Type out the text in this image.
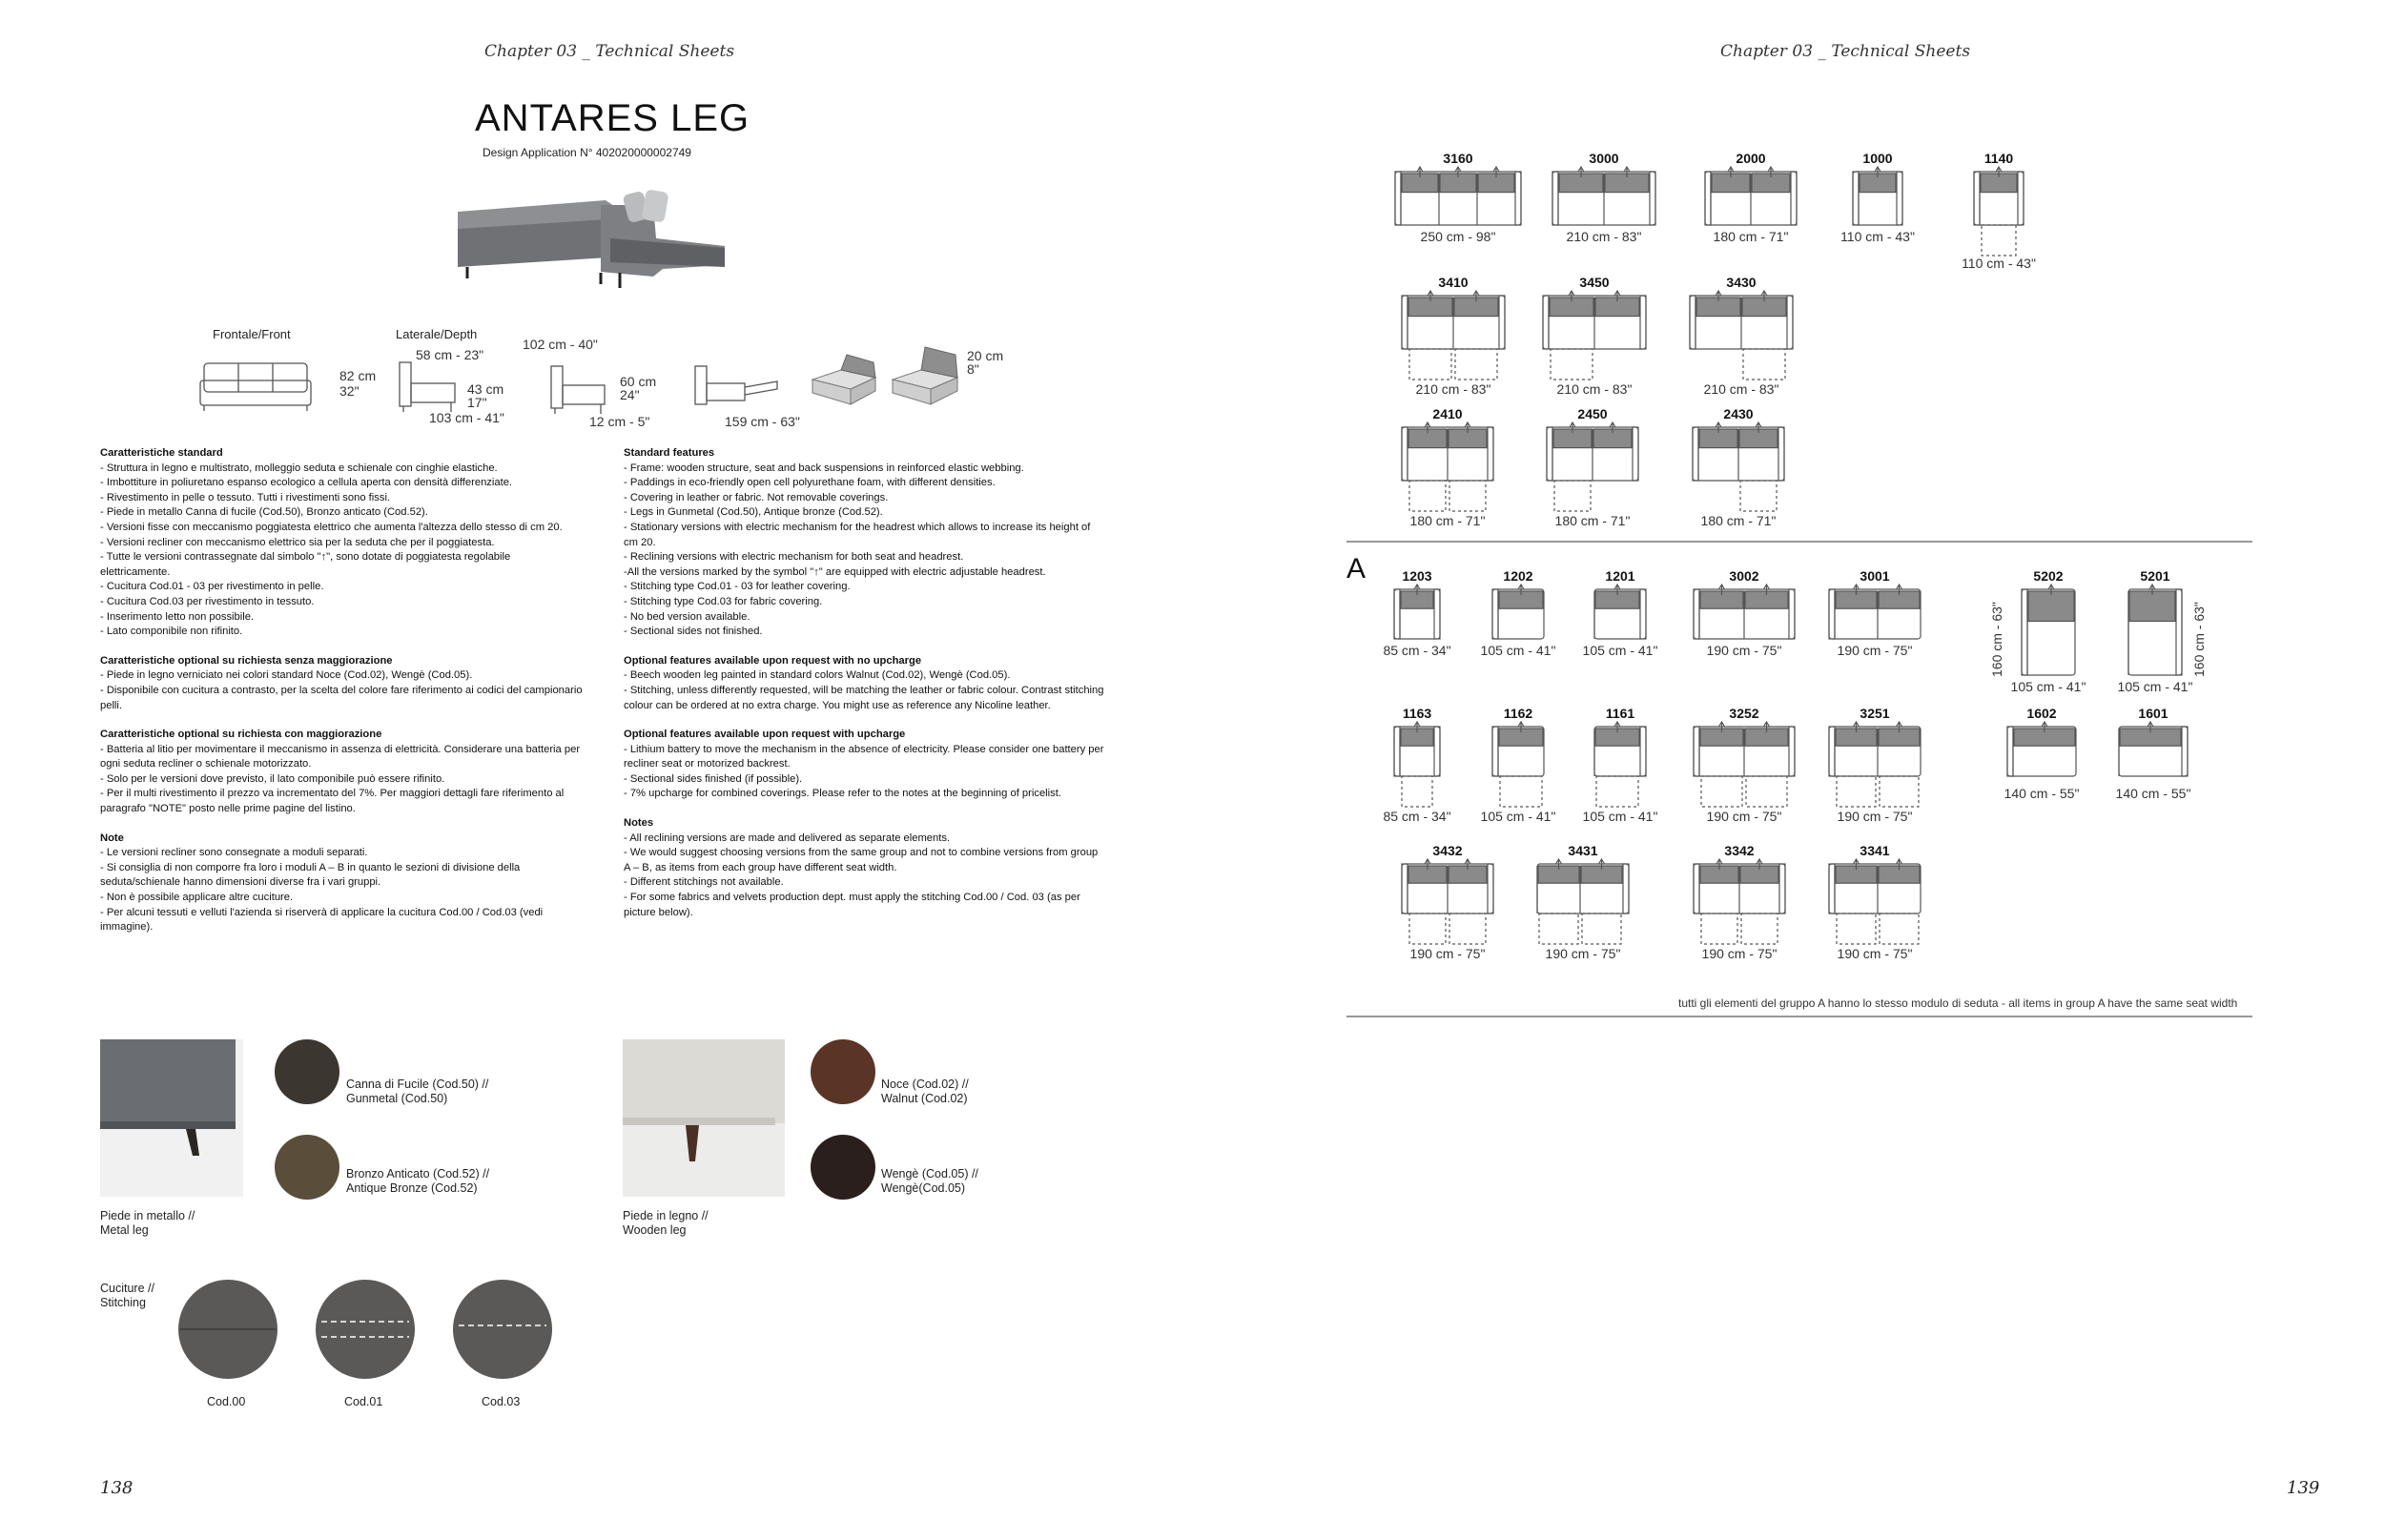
Chapter 03 _ Technical Sheets
ANTARES LEG
Design Application N° 402020000002749
Frontale/Front	Laterale/Depth
82 cm
32"
58 cm - 23"
43 cm
17"
103 cm - 41"
102 cm - 40"
60 cm
24"
12 cm - 5"	159 cm - 63"
20 cm
8"
Caratteristiche standard
- Struttura in legno e multistrato, molleggio seduta e schienale con cinghie elastiche.
- Imbottiture in poliuretano espanso ecologico a cellula aperta con densità differenziate.
- Rivestimento in pelle o tessuto. Tutti i rivestimenti sono fissi.
- Piede in metallo Canna di fucile (Cod.50), Bronzo anticato (Cod.52).
- Versioni fisse con meccanismo poggiatesta elettrico che aumenta l'altezza dello stesso di cm 20.
- Versioni recliner con meccanismo elettrico sia per la seduta che per il poggiatesta.
- Tutte le versioni contrassegnate dal simbolo "↑", sono dotate di poggiatesta regolabile elettricamente.
- Cucitura Cod.01 - 03 per rivestimento in pelle.
- Cucitura Cod.03 per rivestimento in tessuto.
- Inserimento letto non possibile.
- Lato componibile non rifinito.
Caratteristiche optional su richiesta senza maggiorazione
- Piede in legno verniciato nei colori standard Noce (Cod.02), Wengè (Cod.05).
- Disponibile con cucitura a contrasto, per la scelta del colore fare riferimento ai codici del campionario pelli.
Caratteristiche optional su richiesta con maggiorazione
- Batteria al litio per movimentare il meccanismo in assenza di elettricità. Considerare una batteria per ogni seduta recliner o schienale motorizzato.
- Solo per le versioni dove previsto, il lato componibile può essere rifinito.
- Per il multi rivestimento il prezzo va incrementato del 7%. Per maggiori dettagli fare riferimento al paragrafo "NOTE" posto nelle prime pagine del listino.
Note
- Le versioni recliner sono consegnate a moduli separati.
- Si consiglia di non comporre fra loro i moduli A – B in quanto le sezioni di divisione della seduta/schienale hanno dimensioni diverse fra i vari gruppi.
- Non è possibile applicare altre cuciture.
- Per alcuni tessuti e velluti l'azienda si riserverà di applicare la cucitura Cod.00 / Cod.03 (vedi immagine).
Standard features
- Frame: wooden structure, seat and back suspensions in reinforced elastic webbing.
- Paddings in eco-friendly open cell polyurethane foam, with different densities.
- Covering in leather or fabric. Not removable coverings.
- Legs in Gunmetal (Cod.50), Antique bronze (Cod.52).
- Stationary versions with electric mechanism for the headrest which allows to increase its height of cm 20.
- Reclining versions with electric mechanism for both seat and headrest.
-All the versions marked by the symbol "↑" are equipped with electric adjustable headrest.
- Stitching type Cod.01 - 03 for leather covering.
- Stitching type Cod.03 for fabric covering.
- No bed version available.
- Sectional sides not finished.
Optional features available upon request with no upcharge
- Beech wooden leg painted in standard colors Walnut (Cod.02), Wengè (Cod.05).
- Stitching, unless differently requested, will be matching the leather or fabric colour. Contrast stitching colour can be ordered at no extra charge. You might use as reference any Nicoline leather.
Optional features available upon request with upcharge
- Lithium battery to move the mechanism in the absence of electricity. Please consider one battery per recliner seat or motorized backrest.
- Sectional sides finished (if possible).
- 7% upcharge for combined coverings. Please refer to the notes at the beginning of pricelist.
Notes
- All reclining versions are made and delivered as separate elements.
- We would suggest choosing versions from the same group and not to combine versions from group A – B, as items from each group have different seat width.
- Different stitchings not available.
- For some fabrics and velvets production dept. must apply the stitching Cod.00 / Cod. 03 (as per picture below).
Piede in metallo //
Metal leg
Canna di Fucile (Cod.50) //
Gunmetal (Cod.50)
Bronzo Anticato (Cod.52) //
Antique Bronze (Cod.52)
Piede in legno //
Wooden leg
Noce (Cod.02) //
Walnut (Cod.02)
Wengè (Cod.05) //
Wengè(Cod.05)
Cuciture //
Stitching
Cod.00	Cod.01	Cod.03
138
Chapter 03 _ Technical Sheets
3160
250 cm - 98"
3000
210 cm - 83"
2000
180 cm - 71"
1000
110 cm - 43"
1140
110 cm - 43"
3410
210 cm - 83"
3450
210 cm - 83"
3430
210 cm - 83"
2410
180 cm - 71"
2450
180 cm - 71"
2430
180 cm - 71"
1203
85 cm - 34"
1202
105 cm - 41"
1201
105 cm - 41"
3002
190 cm - 75"
3001
190 cm - 75"
5202
105 cm - 41"
5201
105 cm - 41"
1163
85 cm - 34"
1162
105 cm - 41"
1161
105 cm - 41"
3252
190 cm - 75"
3251
190 cm - 75"
1602
140 cm - 55"
1601
140 cm - 55"
3432
190 cm - 75"
3431
190 cm - 75"
3342
190 cm - 75"
3341
190 cm - 75"
160 cm - 63"	160 cm - 63"
A
tutti gli elementi del gruppo A hanno lo stesso modulo di seduta - all items in group A have the same seat width
139
